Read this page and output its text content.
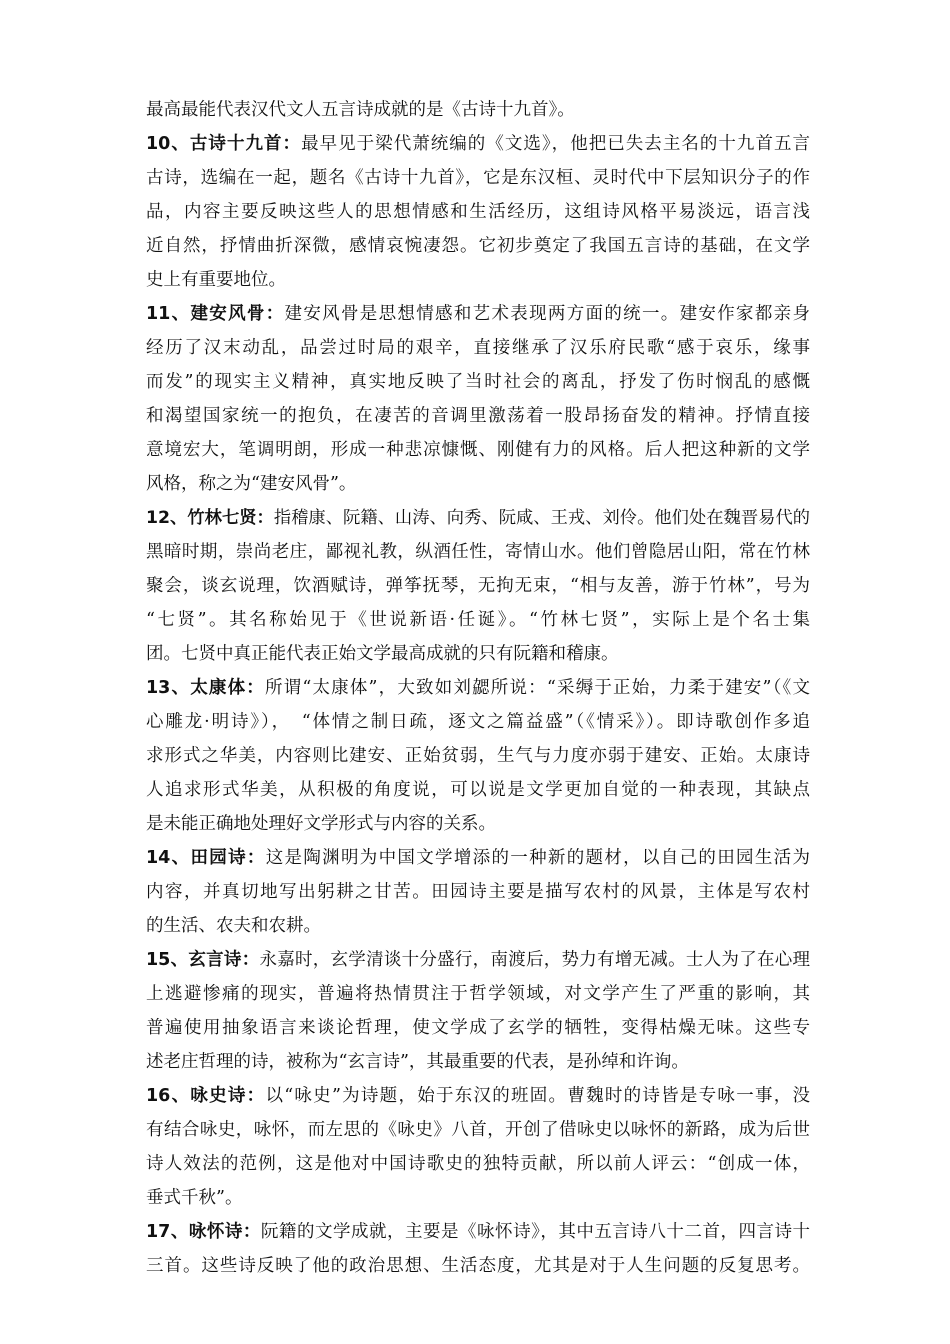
最高最能代表汉代文人五言诗成就的是《古诗十九首》。
10、古诗十九首：最早见于梁代萧统编的《文选》，他把已失去主名的十九首五言
古诗，选编在一起，题名《古诗十九首》，它是东汉桓、灵时代中下层知识分子的作
品，内容主要反映这些人的思想情感和生活经历，这组诗风格平易淡远，语言浅
近自然，抒情曲折深微，感情哀惋凄怨。它初步奠定了我国五言诗的基础，在文学
史上有重要地位。
11、建安风骨：建安风骨是思想情感和艺术表现两方面的统一。建安作家都亲身
经历了汉末动乱，品尝过时局的艰辛，直接继承了汉乐府民歌“感于哀乐，缘事
而发”的现实主义精神，真实地反映了当时社会的离乱，抒发了伤时悯乱的感慨
和渴望国家统一的抱负，在凄苦的音调里激荡着一股昂扬奋发的精神。抒情直接
意境宏大，笔调明朗，形成一种悲凉慷慨、刚健有力的风格。后人把这种新的文学
风格，称之为“建安风骨”。
12、竹林七贤：指稽康、阮籍、山涛、向秀、阮咸、王戎、刘伶。他们处在魏晋易代的
黑暗时期，崇尚老庄，鄙视礼教，纵酒任性，寄情山水。他们曾隐居山阳，常在竹林
聚会，谈玄说理，饮酒赋诗，弹筝抚琴，无拘无束，“相与友善，游于竹林”，号为
“七贤”。其名称始见于《世说新语·任诞》。“竹林七贤”，实际上是个名士集
团。七贤中真正能代表正始文学最高成就的只有阮籍和稽康。
13、太康体：所谓“太康体”，大致如刘勰所说：“采缛于正始，力柔于建安”（《文
心雕龙·明诗》），　“体情之制日疏，逐文之篇益盛”（《情采》）。即诗歌创作多追
求形式之华美，内容则比建安、正始贫弱，生气与力度亦弱于建安、正始。太康诗
人追求形式华美，从积极的角度说，可以说是文学更加自觉的一种表现，其缺点
是未能正确地处理好文学形式与内容的关系。
14、田园诗：这是陶渊明为中国文学增添的一种新的题材，以自己的田园生活为
内容，并真切地写出躬耕之甘苦。田园诗主要是描写农村的风景，主体是写农村
的生活、农夫和农耕。
15、玄言诗：永嘉时，玄学清谈十分盛行，南渡后，势力有增无减。士人为了在心理
上逃避惨痛的现实，普遍将热情贯注于哲学领域，对文学产生了严重的影响，其
普遍使用抽象语言来谈论哲理，使文学成了玄学的牺牲，变得枯燥无味。这些专
述老庄哲理的诗，被称为“玄言诗”，其最重要的代表，是孙绰和许询。
16、咏史诗：以“咏史”为诗题，始于东汉的班固。曹魏时的诗皆是专咏一事，没
有结合咏史，咏怀，而左思的《咏史》八首，开创了借咏史以咏怀的新路，成为后世
诗人效法的范例，这是他对中国诗歌史的独特贡献，所以前人评云：“创成一体，
垂式千秋”。
17、咏怀诗：阮籍的文学成就，主要是《咏怀诗》，其中五言诗八十二首，四言诗十
三首。这些诗反映了他的政治思想、生活态度，尤其是对于人生问题的反复思考。
